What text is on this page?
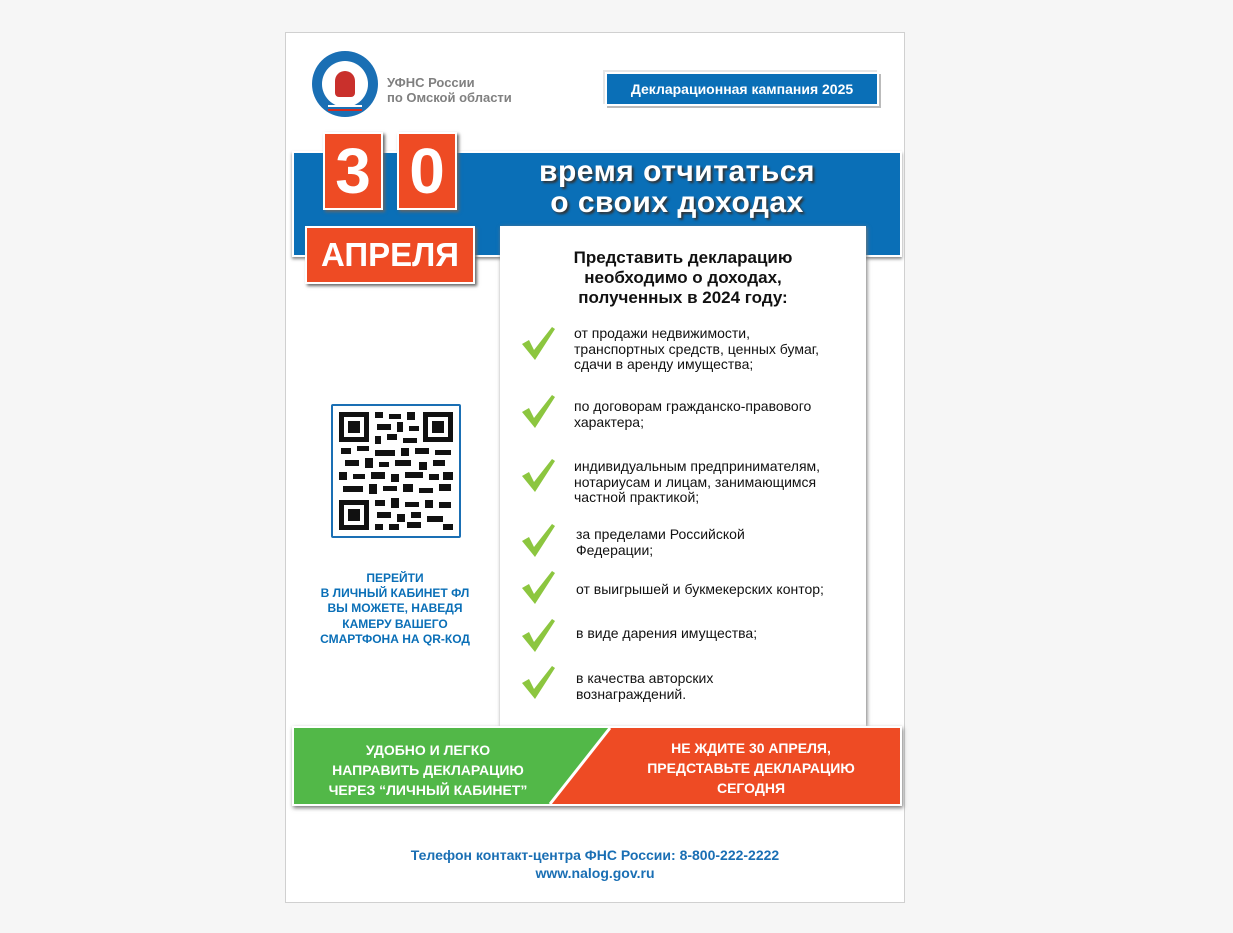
УФНС России
по Омской области
Декларационная кампания 2025
время отчитаться
о своих доходах
3 0
АПРЕЛЯ	Представить декларацию
необходимо о доходах,
полученных в 2024 году:
от продажи недвижимости,
транспортных средств, ценных бумаг,
сдачи в аренду имущества;
по договорам гражданско-правового
характера;
индивидуальным предпринимателям,
нотариусам и лицам, занимающимся
частной практикой;
за пределами Российской
Федерации;
от выигрышей и букмекерских контор;
в виде дарения имущества;
в качества авторских
вознаграждений.
ПЕРЕЙТИ
В ЛИЧНЫЙ КАБИНЕТ ФЛ
ВЫ МОЖЕТЕ, НАВЕДЯ
КАМЕРУ ВАШЕГО
СМАРТФОНА НА QR-КОД
УДОБНО И ЛЕГКО
НАПРАВИТЬ ДЕКЛАРАЦИЮ
ЧЕРЕЗ “ЛИЧНЫЙ КАБИНЕТ”
НЕ ЖДИТЕ 30 АПРЕЛЯ,
ПРЕДСТАВЬТЕ ДЕКЛАРАЦИЮ
СЕГОДНЯ
Телефон контакт-центра ФНС России: 8-800-222-2222
www.nalog.gov.ru
